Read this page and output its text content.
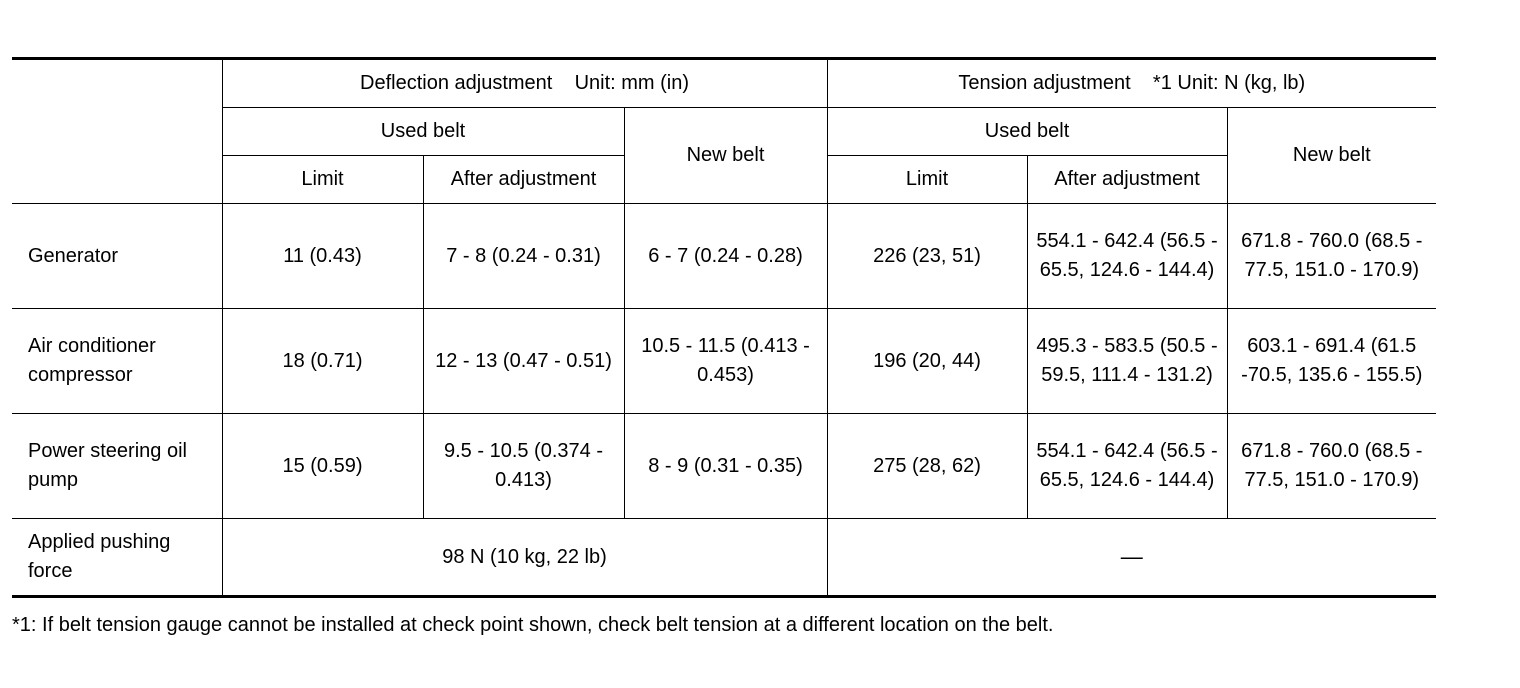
	Deflection adjustment    Unit: mm (in)			Tension adjustment    *1 Unit: N (kg, lb)		
	Used belt		New belt	Used belt		New belt
	Limit	After adjustment		Limit	After adjustment	
Generator	11 (0.43)	7 - 8 (0.24 - 0.31)	6 - 7 (0.24 - 0.28)	226 (23, 51)	554.1 - 642.4 (56.5 - 65.5, 124.6 - 144.4)	671.8 - 760.0 (68.5 - 77.5, 151.0 - 170.9)
Air conditioner compressor	18 (0.71)	12 - 13 (0.47 - 0.51)	10.5 - 11.5 (0.413 - 0.453)	196 (20, 44)	495.3 - 583.5 (50.5 - 59.5, 111.4 - 131.2)	603.1 - 691.4 (61.5 -70.5, 135.6 - 155.5)
Power steering oil pump	15 (0.59)	9.5 - 10.5 (0.374 - 0.413)	8 - 9 (0.31 - 0.35)	275 (28, 62)	554.1 - 642.4 (56.5 - 65.5, 124.6 - 144.4)	671.8 - 760.0 (68.5 - 77.5, 151.0 - 170.9)
Applied pushing force	98 N (10 kg, 22 lb)			—		
*1: If belt tension gauge cannot be installed at check point shown, check belt tension at a different location on the belt.
